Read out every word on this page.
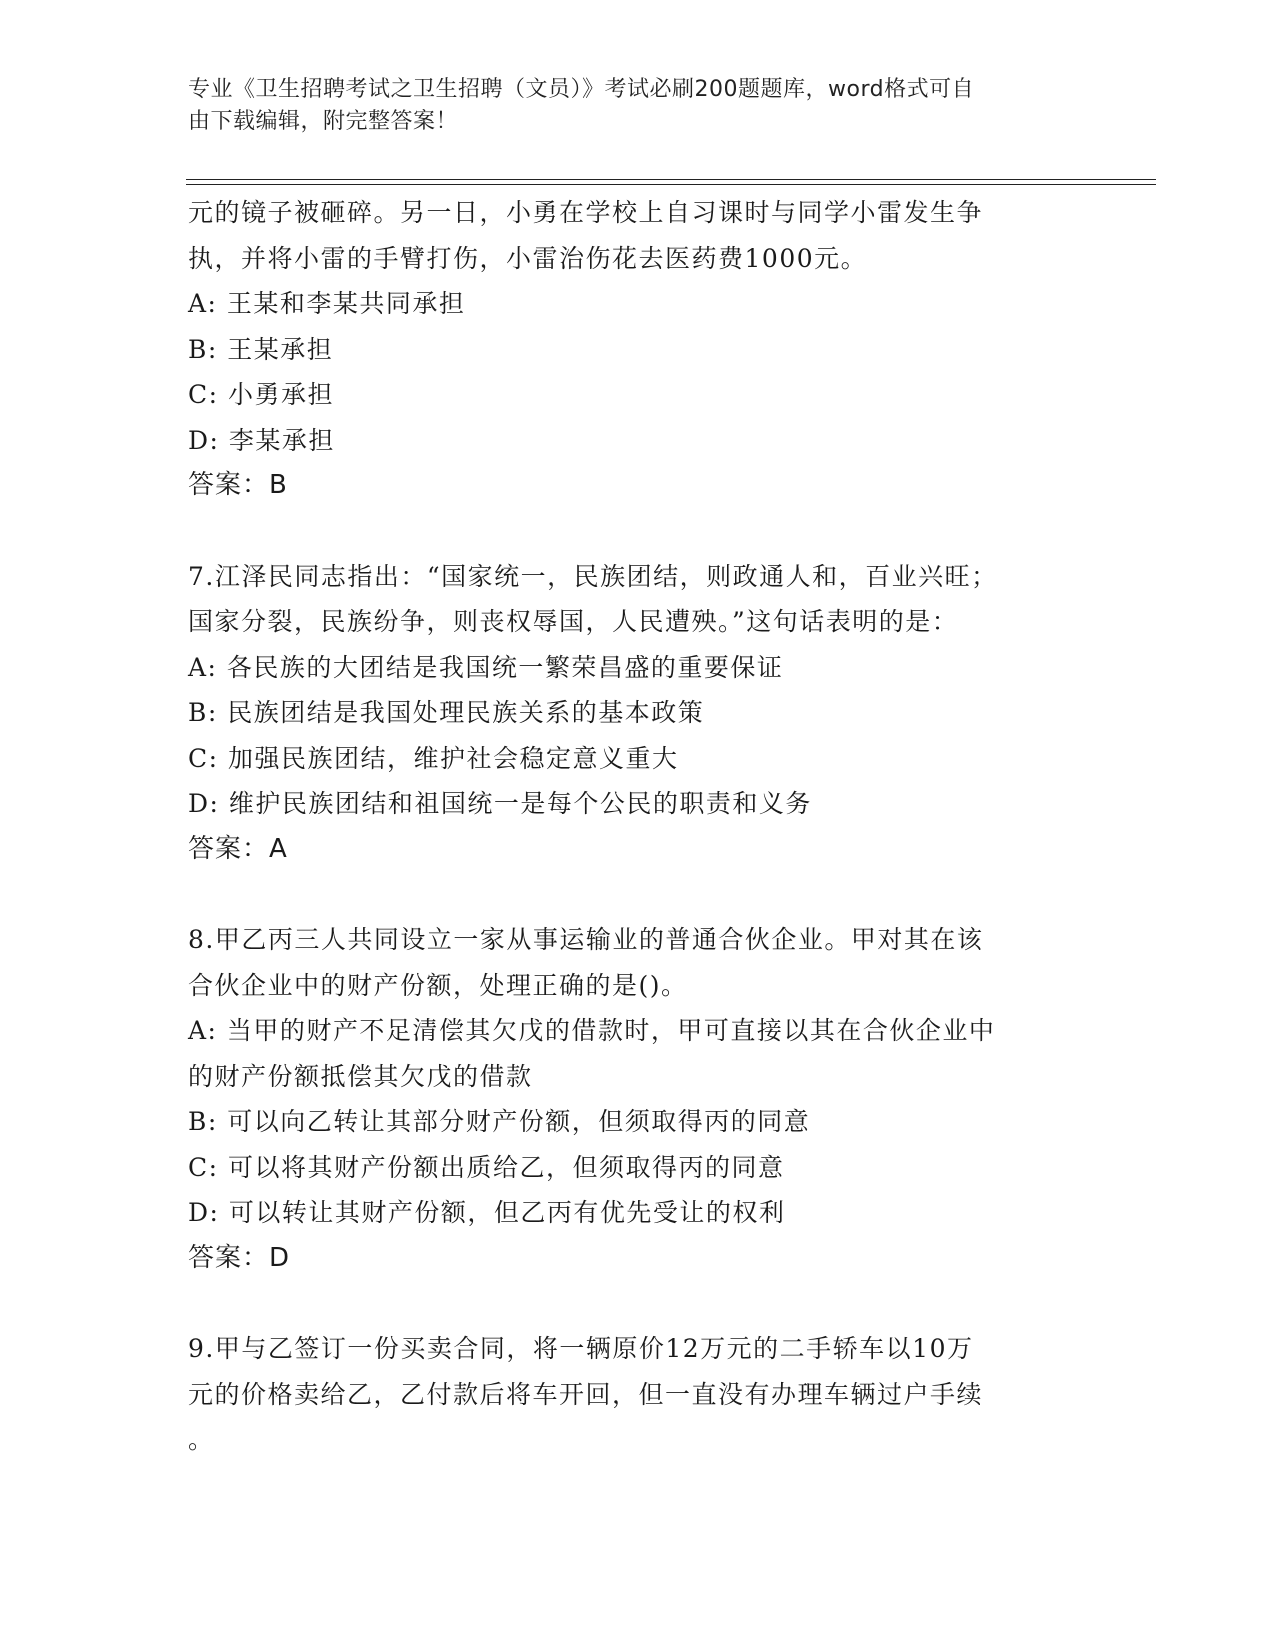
专业《卫生招聘考试之卫生招聘（文员）》考试必刷200题题库，word格式可自
由下载编辑，附完整答案！
元的镜子被砸碎。另一日，小勇在学校上自习课时与同学小雷发生争
执，并将小雷的手臂打伤，小雷治伤花去医药费1000元。
A: 王某和李某共同承担
B: 王某承担
C: 小勇承担
D: 李某承担
答案：B
7.江泽民同志指出：“国家统一，民族团结，则政通人和，百业兴旺；
国家分裂，民族纷争，则丧权辱国，人民遭殃。”这句话表明的是：
A: 各民族的大团结是我国统一繁荣昌盛的重要保证
B: 民族团结是我国处理民族关系的基本政策
C: 加强民族团结，维护社会稳定意义重大
D: 维护民族团结和祖国统一是每个公民的职责和义务
答案：A
8.甲乙丙三人共同设立一家从事运输业的普通合伙企业。甲对其在该
合伙企业中的财产份额，处理正确的是()。
A: 当甲的财产不足清偿其欠戊的借款时，甲可直接以其在合伙企业中
的财产份额抵偿其欠戊的借款
B: 可以向乙转让其部分财产份额，但须取得丙的同意
C: 可以将其财产份额出质给乙，但须取得丙的同意
D: 可以转让其财产份额，但乙丙有优先受让的权利
答案：D
9.甲与乙签订一份买卖合同，将一辆原价12万元的二手轿车以10万
元的价格卖给乙，乙付款后将车开回，但一直没有办理车辆过户手续
。
